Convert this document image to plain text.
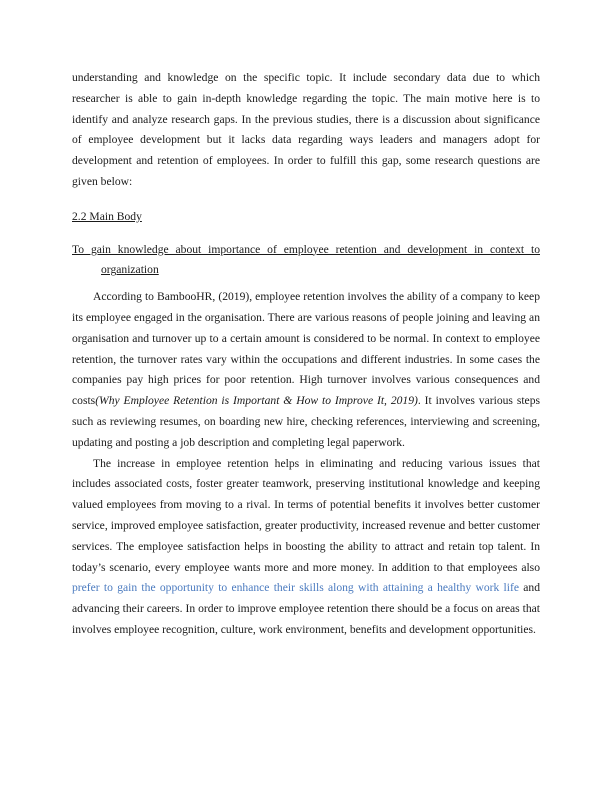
understanding and knowledge on the specific topic. It include secondary data due to which researcher is able to gain in-depth knowledge regarding the topic. The main motive here is to identify and analyze research gaps. In the previous studies, there is a discussion about significance of employee development but it lacks data regarding ways leaders and managers adopt for development and retention of employees. In order to fulfill this gap, some research questions are given below:

2.2 Main Body

To gain knowledge about importance of employee retention and development in context to organization

According to BambooHR, (2019), employee retention involves the ability of a company to keep its employee engaged in the organisation. There are various reasons of people joining and leaving an organisation and turnover up to a certain amount is considered to be normal. In context to employee retention, the turnover rates vary within the occupations and different industries. In some cases the companies pay high prices for poor retention. High turnover involves various consequences and costs(Why Employee Retention is Important & How to Improve It, 2019). It involves various steps such as reviewing resumes, on boarding new hire, checking references, interviewing and screening, updating and posting a job description and completing legal paperwork.

The increase in employee retention helps in eliminating and reducing various issues that includes associated costs, foster greater teamwork, preserving institutional knowledge and keeping valued employees from moving to a rival. In terms of potential benefits it involves better customer service, improved employee satisfaction, greater productivity, increased revenue and better customer services. The employee satisfaction helps in boosting the ability to attract and retain top talent. In today’s scenario, every employee wants more and more money. In addition to that employees also prefer to gain the opportunity to enhance their skills along with attaining a healthy work life and advancing their careers. In order to improve employee retention there should be a focus on areas that involves employee recognition, culture, work environment, benefits and development opportunities.
